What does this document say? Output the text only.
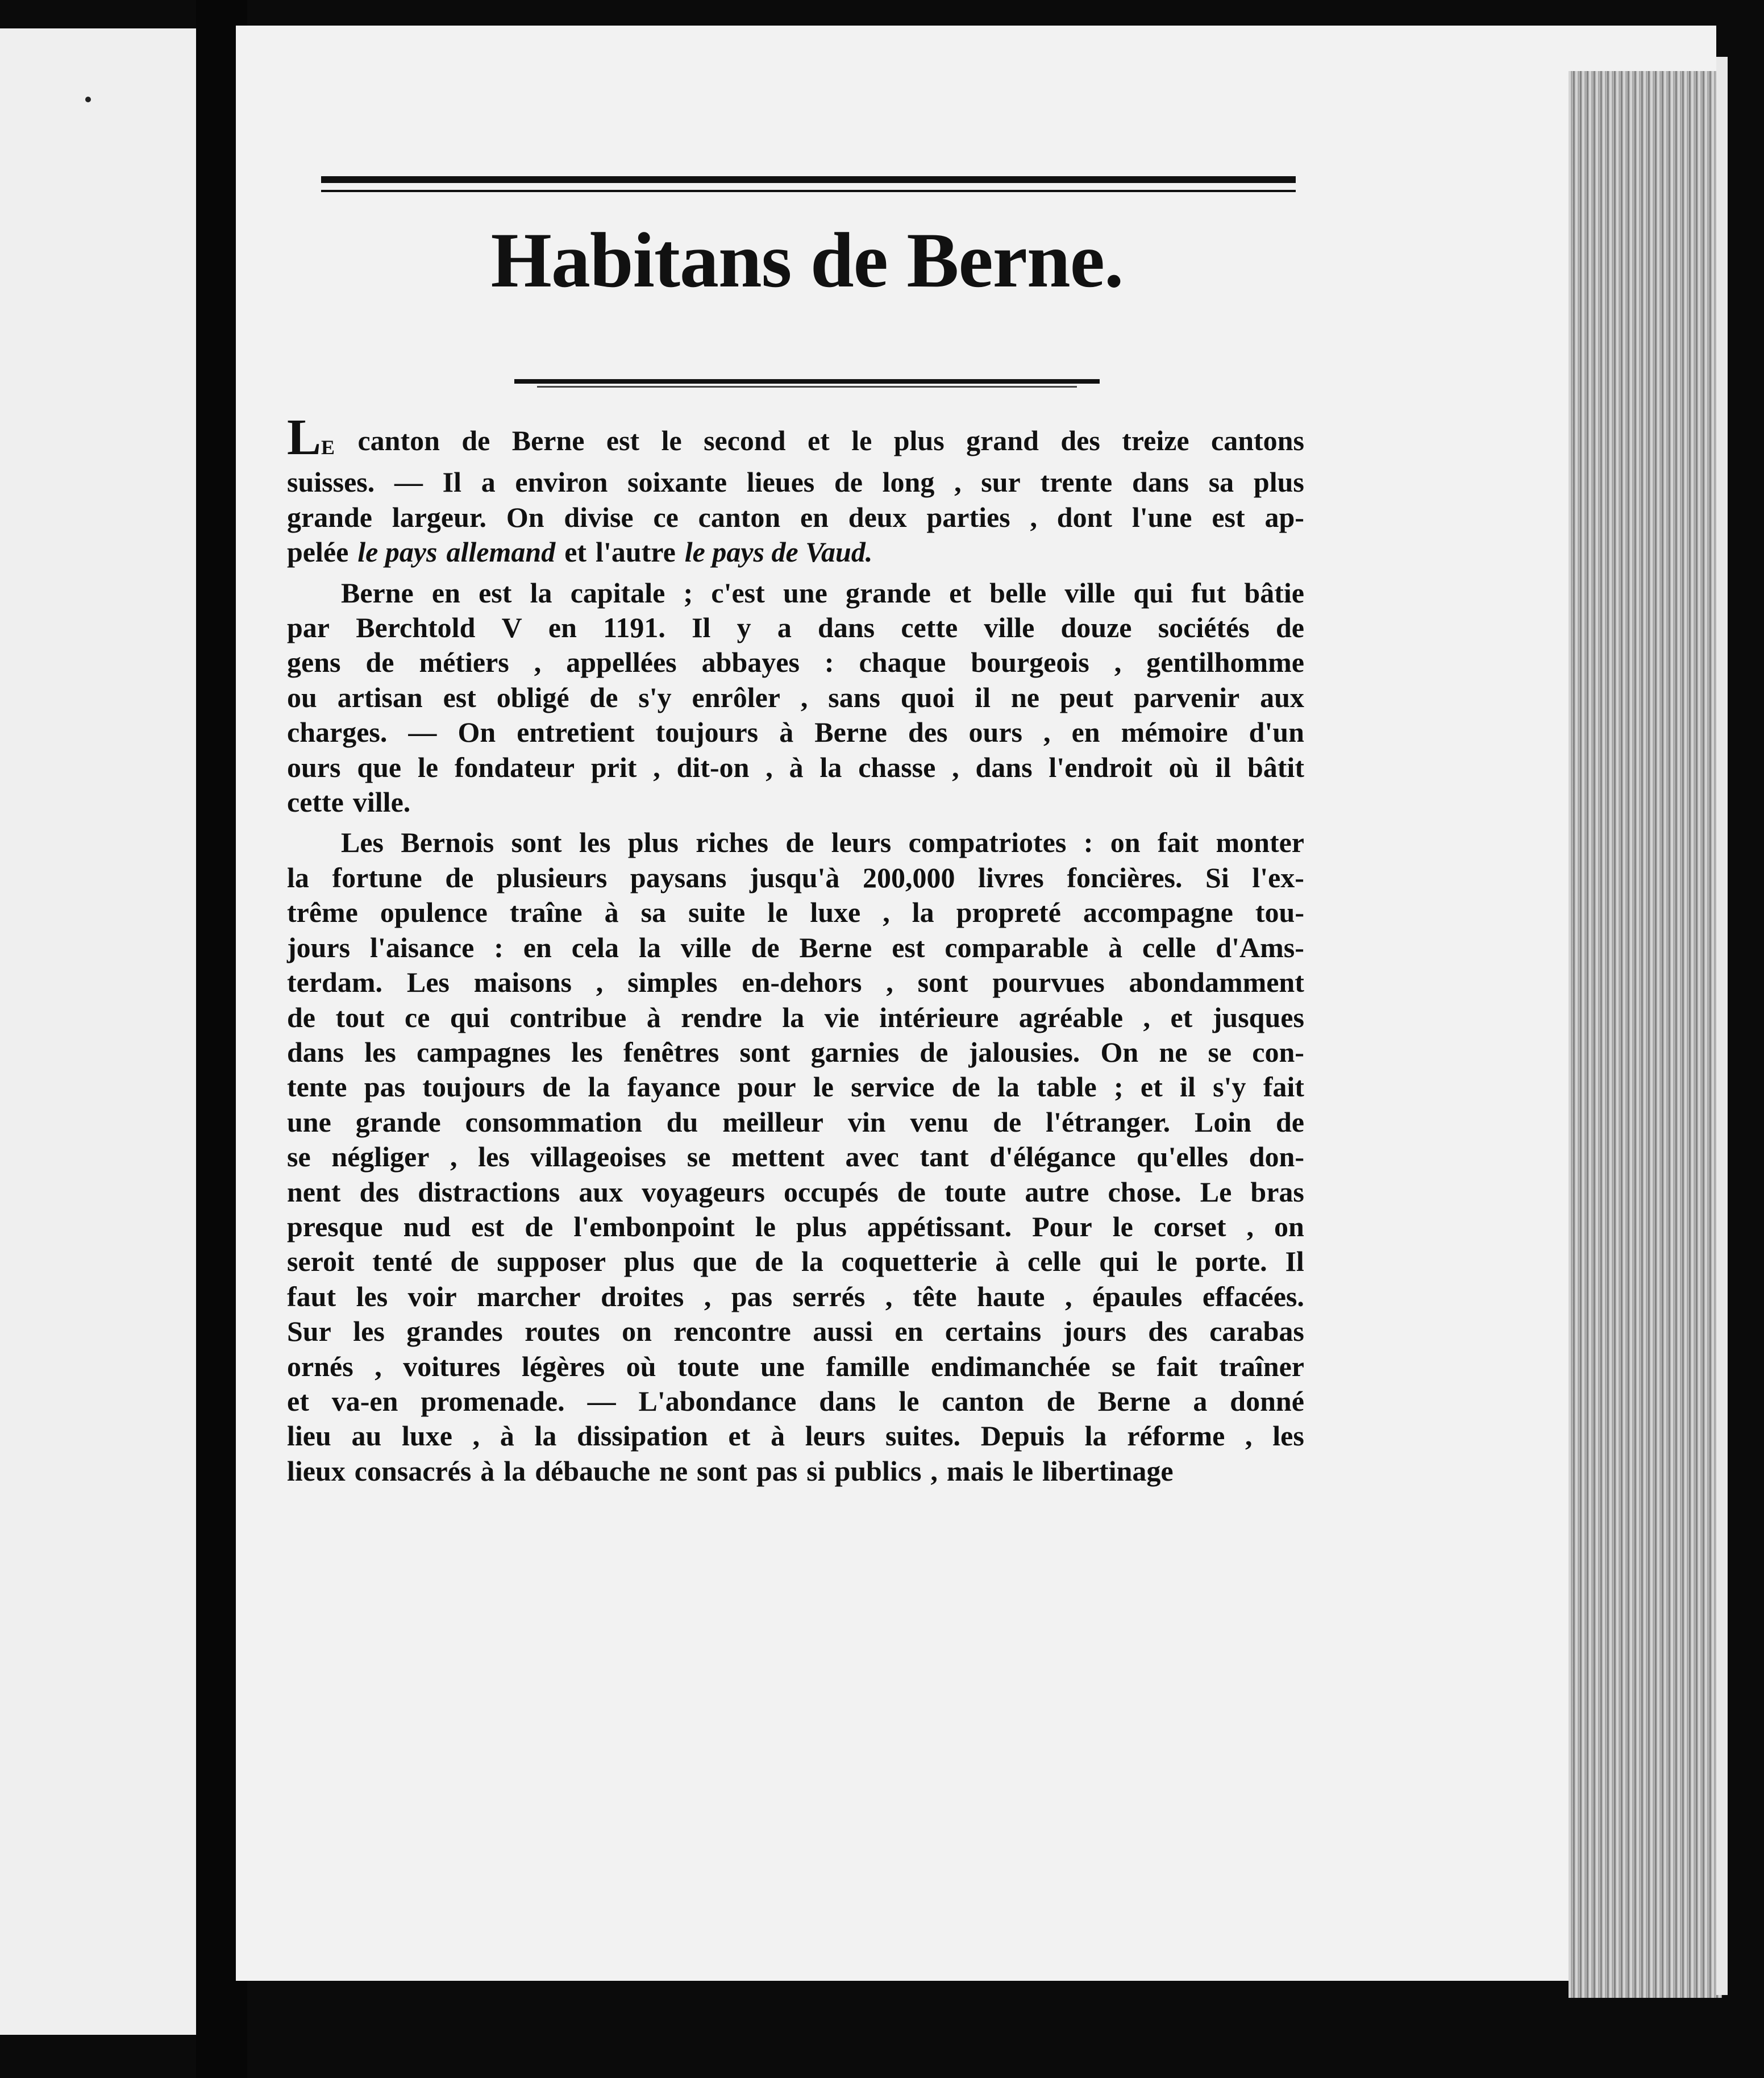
Habitans de Berne.
LE canton de Berne est le second et le plus grand des treize cantons
suisses. — Il a environ soixante lieues de long , sur trente dans sa plus
grande largeur. On divise ce canton en deux parties , dont l'une est ap-
pelée le pays allemand et l'autre le pays de Vaud.
Berne en est la capitale ; c'est une grande et belle ville qui fut bâtie
par Berchtold V en 1191. Il y a dans cette ville douze sociétés de
gens de métiers , appellées abbayes : chaque bourgeois , gentilhomme
ou artisan est obligé de s'y enrôler , sans quoi il ne peut parvenir aux
charges. — On entretient toujours à Berne des ours , en mémoire d'un
ours que le fondateur prit , dit-on , à la chasse , dans l'endroit où il bâtit
cette ville.
Les Bernois sont les plus riches de leurs compatriotes : on fait monter
la fortune de plusieurs paysans jusqu'à 200,000 livres foncières. Si l'ex-
trême opulence traîne à sa suite le luxe , la propreté accompagne tou-
jours l'aisance : en cela la ville de Berne est comparable à celle d'Ams-
terdam. Les maisons , simples en-dehors , sont pourvues abondamment
de tout ce qui contribue à rendre la vie intérieure agréable , et jusques
dans les campagnes les fenêtres sont garnies de jalousies. On ne se con-
tente pas toujours de la fayance pour le service de la table ; et il s'y fait
une grande consommation du meilleur vin venu de l'étranger. Loin de
se négliger , les villageoises se mettent avec tant d'élégance qu'elles don-
nent des distractions aux voyageurs occupés de toute autre chose. Le bras
presque nud est de l'embonpoint le plus appétissant. Pour le corset , on
seroit tenté de supposer plus que de la coquetterie à celle qui le porte. Il
faut les voir marcher droites , pas serrés , tête haute , épaules effacées.
Sur les grandes routes on rencontre aussi en certains jours des carabas
ornés , voitures légères où toute une famille endimanchée se fait traîner
et va-en promenade. — L'abondance dans le canton de Berne a donné
lieu au luxe , à la dissipation et à leurs suites. Depuis la réforme , les
lieux consacrés à la débauche ne sont pas si publics , mais le libertinage
